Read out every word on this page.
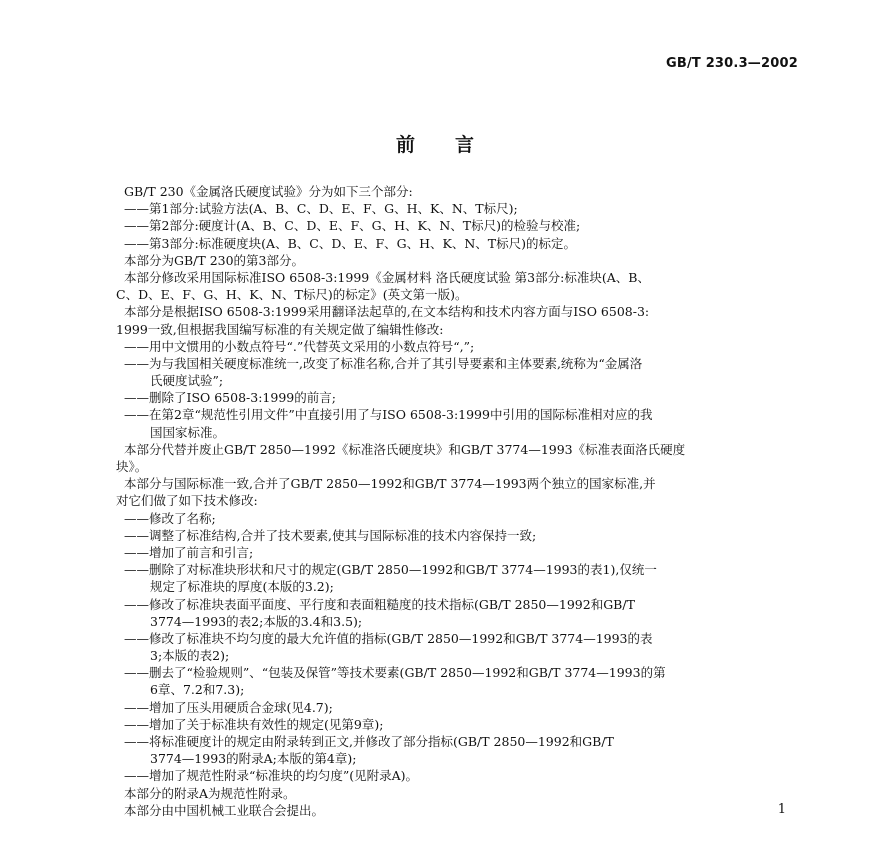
GB/T 230.3—2002
前言
GB/T 230《金属洛氏硬度试验》分为如下三个部分:
——第1部分:试验方法(A、B、C、D、E、F、G、H、K、N、T标尺);
——第2部分:硬度计(A、B、C、D、E、F、G、H、K、N、T标尺)的检验与校准;
——第3部分:标准硬度块(A、B、C、D、E、F、G、H、K、N、T标尺)的标定。
本部分为GB/T 230的第3部分。
本部分修改采用国际标准ISO 6508-3:1999《金属材料 洛氏硬度试验 第3部分:标准块(A、B、
C、D、E、F、G、H、K、N、T标尺)的标定》(英文第一版)。
本部分是根据ISO 6508-3:1999采用翻译法起草的,在文本结构和技术内容方面与ISO 6508-3:
1999一致,但根据我国编写标准的有关规定做了编辑性修改:
——用中文惯用的小数点符号“.”代替英文采用的小数点符号“,”;
——为与我国相关硬度标准统一,改变了标准名称,合并了其引导要素和主体要素,统称为“金属洛
氏硬度试验”;
——删除了ISO 6508-3:1999的前言;
——在第2章“规范性引用文件”中直接引用了与ISO 6508-3:1999中引用的国际标准相对应的我
国国家标准。
本部分代替并废止GB/T 2850—1992《标准洛氏硬度块》和GB/T 3774—1993《标准表面洛氏硬度
块》。
本部分与国际标准一致,合并了GB/T 2850—1992和GB/T 3774—1993两个独立的国家标准,并
对它们做了如下技术修改:
——修改了名称;
——调整了标准结构,合并了技术要素,使其与国际标准的技术内容保持一致;
——增加了前言和引言;
——删除了对标准块形状和尺寸的规定(GB/T 2850—1992和GB/T 3774—1993的表1),仅统一
规定了标准块的厚度(本版的3.2);
——修改了标准块表面平面度、平行度和表面粗糙度的技术指标(GB/T 2850—1992和GB/T
3774—1993的表2;本版的3.4和3.5);
——修改了标准块不均匀度的最大允许值的指标(GB/T 2850—1992和GB/T 3774—1993的表
3;本版的表2);
——删去了“检验规则”、“包装及保管”等技术要素(GB/T 2850—1992和GB/T 3774—1993的第
6章、7.2和7.3);
——增加了压头用硬质合金球(见4.7);
——增加了关于标准块有效性的规定(见第9章);
——将标准硬度计的规定由附录转到正文,并修改了部分指标(GB/T 2850—1992和GB/T
3774—1993的附录A;本版的第4章);
——增加了规范性附录“标准块的均匀度”(见附录A)。
本部分的附录A为规范性附录。
本部分由中国机械工业联合会提出。	1
